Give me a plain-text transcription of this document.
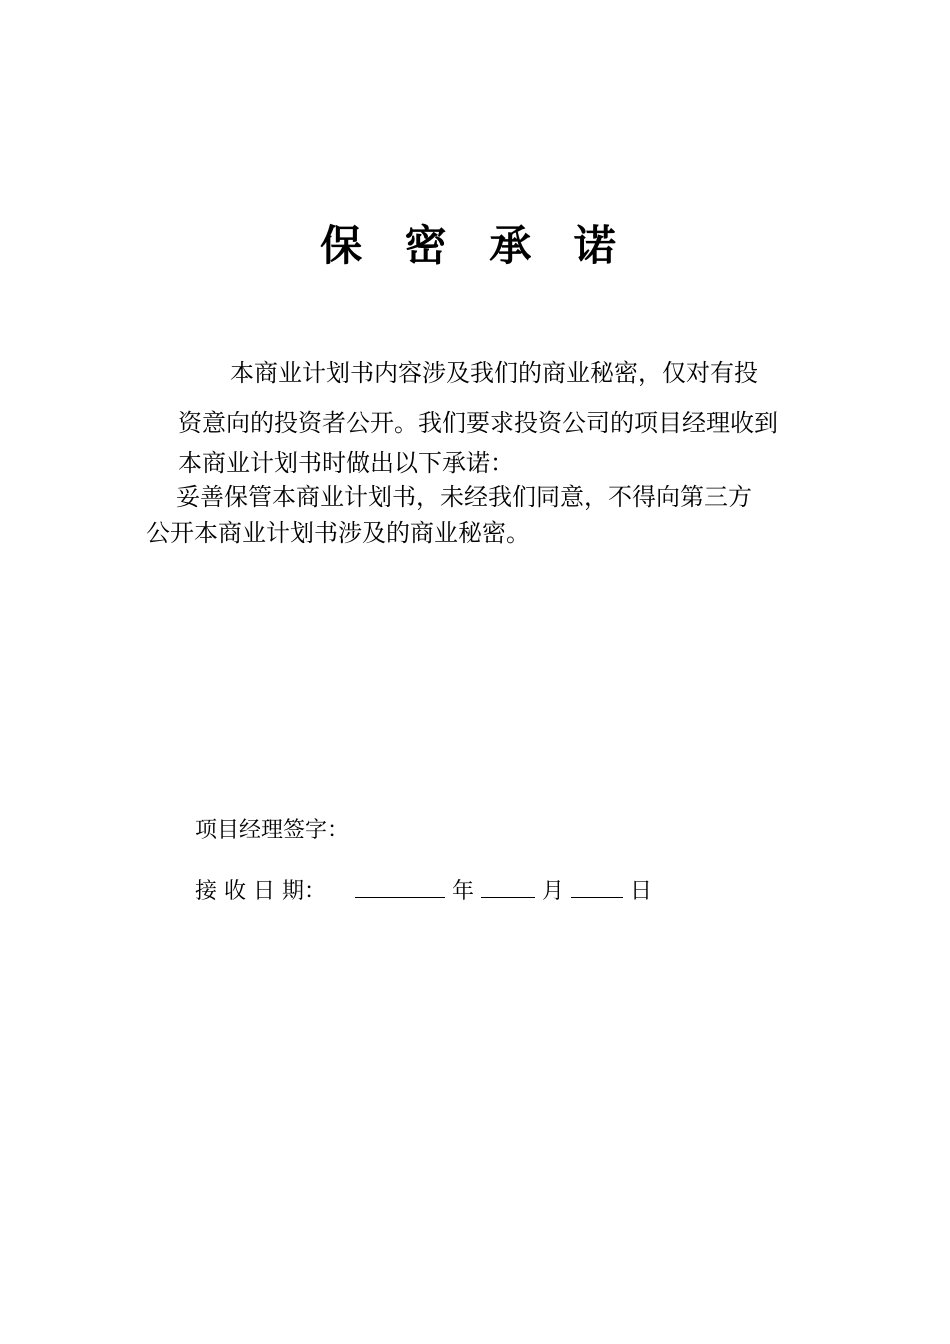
保 密 承 诺
本商业计划书内容涉及我们的商业秘密，仅对有投
资意向的投资者公开。我们要求投资公司的项目经理收到
本商业计划书时做出以下承诺：
妥善保管本商业计划书，未经我们同意，不得向第三方
公开本商业计划书涉及的商业秘密。
项目经理签字：
接 收 日 期：	年	月	日
